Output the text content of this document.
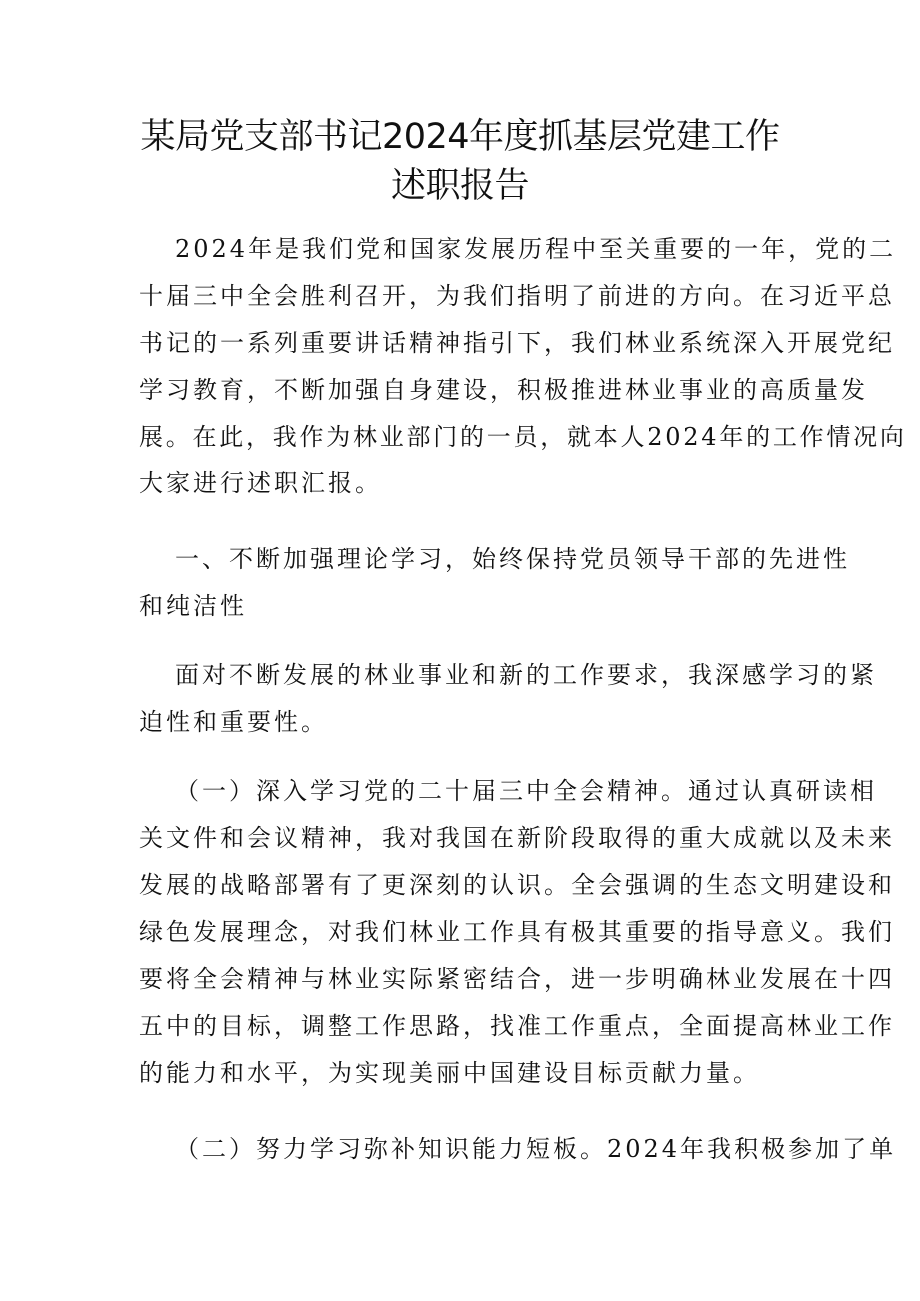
某局党支部书记2024年度抓基层党建工作
述职报告
2024年是我们党和国家发展历程中至关重要的一年，党的二
十届三中全会胜利召开，为我们指明了前进的方向。在习近平总
书记的一系列重要讲话精神指引下，我们林业系统深入开展党纪
学习教育，不断加强自身建设，积极推进林业事业的高质量发
展。在此，我作为林业部门的一员，就本人2024年的工作情况向
大家进行述职汇报。
一、不断加强理论学习，始终保持党员领导干部的先进性
和纯洁性
面对不断发展的林业事业和新的工作要求，我深感学习的紧
迫性和重要性。
（一）深入学习党的二十届三中全会精神。通过认真研读相
关文件和会议精神，我对我国在新阶段取得的重大成就以及未来
发展的战略部署有了更深刻的认识。全会强调的生态文明建设和
绿色发展理念，对我们林业工作具有极其重要的指导意义。我们
要将全会精神与林业实际紧密结合，进一步明确林业发展在十四
五中的目标，调整工作思路，找准工作重点，全面提高林业工作
的能力和水平，为实现美丽中国建设目标贡献力量。
（二）努力学习弥补知识能力短板。2024年我积极参加了单
